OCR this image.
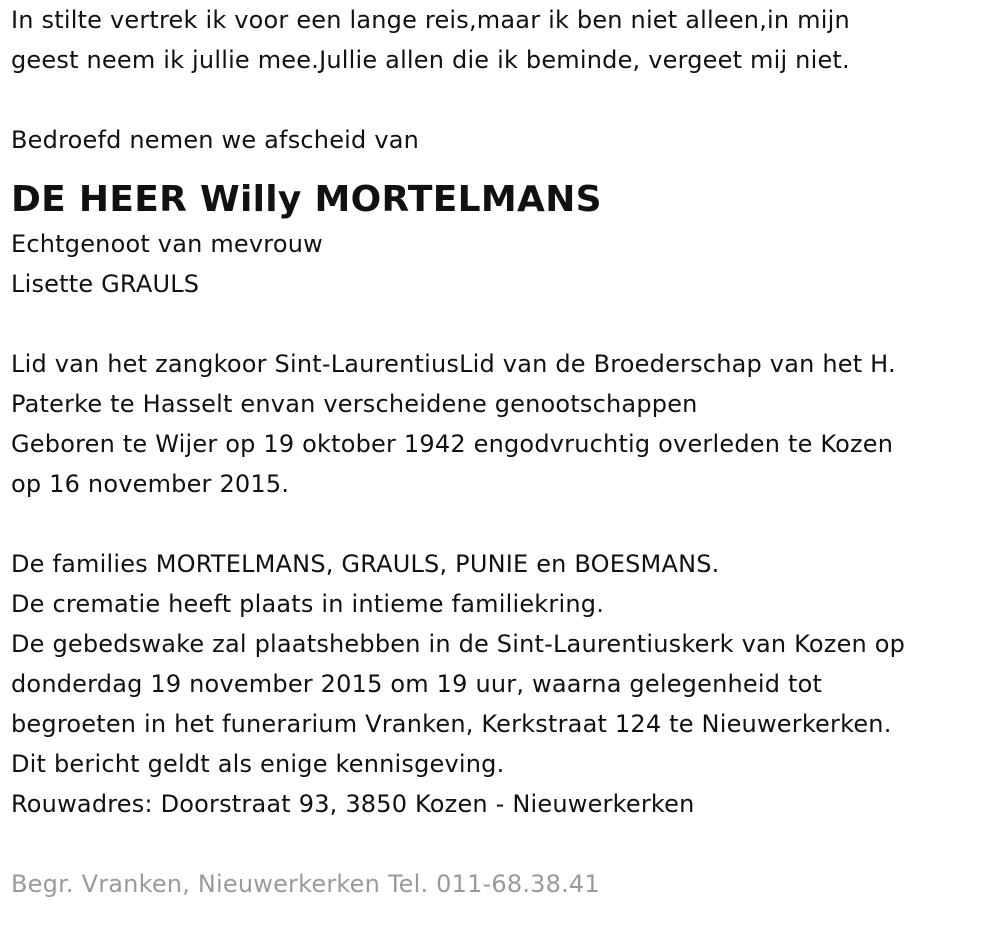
In stilte vertrek ik voor een lange reis,maar ik ben niet alleen,in mijn
geest neem ik jullie mee.Jullie allen die ik beminde, vergeet mij niet.
Bedroefd nemen we afscheid van
DE HEER Willy MORTELMANS
Echtgenoot van mevrouw
Lisette GRAULS
Lid van het zangkoor Sint-LaurentiusLid van de Broederschap van het H.
Paterke te Hasselt envan verscheidene genootschappen
Geboren te Wijer op 19 oktober 1942 engodvruchtig overleden te Kozen
op 16 november 2015.
De families MORTELMANS, GRAULS, PUNIE en BOESMANS.
De crematie heeft plaats in intieme familiekring.
De gebedswake zal plaatshebben in de Sint-Laurentiuskerk van Kozen op
donderdag 19 november 2015 om 19 uur, waarna gelegenheid tot
begroeten in het funerarium Vranken, Kerkstraat 124 te Nieuwerkerken.
Dit bericht geldt als enige kennisgeving.
Rouwadres: Doorstraat 93, 3850 Kozen - Nieuwerkerken
Begr. Vranken, Nieuwerkerken Tel. 011-68.38.41
